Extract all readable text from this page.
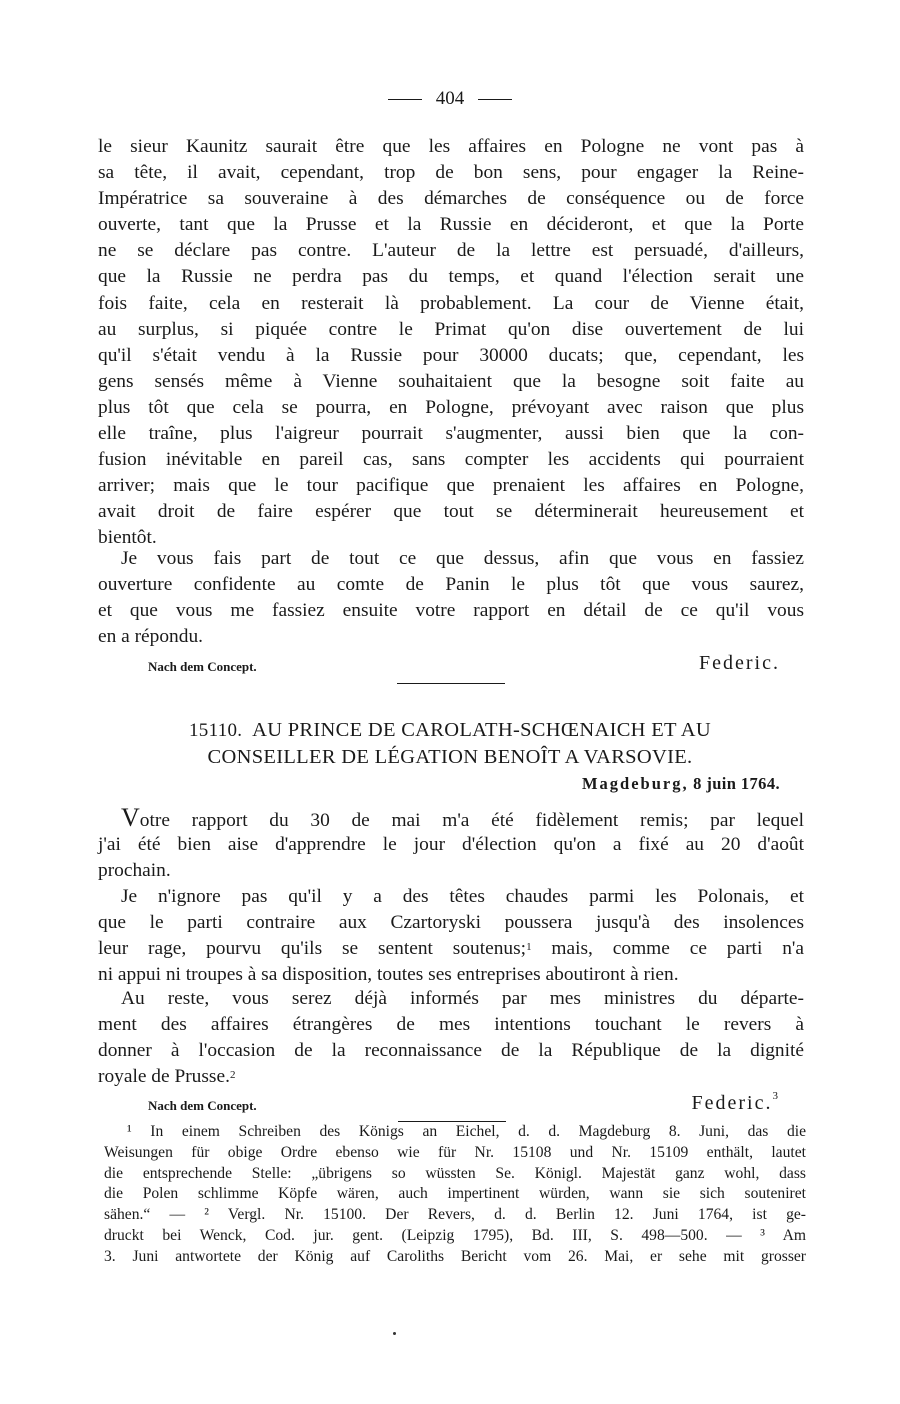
404
le sieur Kaunitz saurait être que les affaires en Pologne ne vont pas à
sa tête, il avait, cependant, trop de bon sens, pour engager la Reine-
Impératrice sa souveraine à des démarches de conséquence ou de force
ouverte, tant que la Prusse et la Russie en décideront, et que la Porte
ne se déclare pas contre. L'auteur de la lettre est persuadé, d'ailleurs,
que la Russie ne perdra pas du temps, et quand l'élection serait une
fois faite, cela en resterait là probablement. La cour de Vienne était,
au surplus, si piquée contre le Primat qu'on dise ouvertement de lui
qu'il s'était vendu à la Russie pour 30000 ducats; que, cependant, les
gens sensés même à Vienne souhaitaient que la besogne soit faite au
plus tôt que cela se pourra, en Pologne, prévoyant avec raison que plus
elle traîne, plus l'aigreur pourrait s'augmenter, aussi bien que la con-
fusion inévitable en pareil cas, sans compter les accidents qui pourraient
arriver; mais que le tour pacifique que prenaient les affaires en Pologne,
avait droit de faire espérer que tout se déterminerait heureusement et
bientôt.
Je vous fais part de tout ce que dessus, afin que vous en fassiez
ouverture confidente au comte de Panin le plus tôt que vous saurez,
et que vous me fassiez ensuite votre rapport en détail de ce qu'il vous
en a répondu.
Nach dem Concept.	Federic.
15110. AU PRINCE DE CAROLATH-SCHŒNAICH ET AU
CONSEILLER DE LÉGATION BENOÎT A VARSOVIE.
Magdeburg, 8 juin 1764.
Votre rapport du 30 de mai m'a été fidèlement remis; par lequel
j'ai été bien aise d'apprendre le jour d'élection qu'on a fixé au 20 d'août
prochain.
Je n'ignore pas qu'il y a des têtes chaudes parmi les Polonais, et
que le parti contraire aux Czartoryski poussera jusqu'à des insolences
leur rage, pourvu qu'ils se sentent soutenus;$^1$ mais, comme ce parti n'a
ni appui ni troupes à sa disposition, toutes ses entreprises aboutiront à rien.
Au reste, vous serez déjà informés par mes ministres du départe-
ment des affaires étrangères de mes intentions touchant le revers à
donner à l'occasion de la reconnaissance de la République de la dignité
royale de Prusse.$^2$
Nach dem Concept.	Federic.$^3$
¹ In einem Schreiben des Königs an Eichel, d. d. Magdeburg 8. Juni, das die
Weisungen für obige Ordre ebenso wie für Nr. 15108 und Nr. 15109 enthält, lautet
die entsprechende Stelle: „übrigens so wüssten Se. Königl. Majestät ganz wohl, dass
die Polen schlimme Köpfe wären, auch impertinent würden, wann sie sich souteniret
sähen.“ — ² Vergl. Nr. 15100. Der Revers, d. d. Berlin 12. Juni 1764, ist ge-
druckt bei Wenck, Cod. jur. gent. (Leipzig 1795), Bd. III, S. 498—500. — ³ Am
3. Juni antwortete der König auf Caroliths Bericht vom 26. Mai, er sehe mit grosser
